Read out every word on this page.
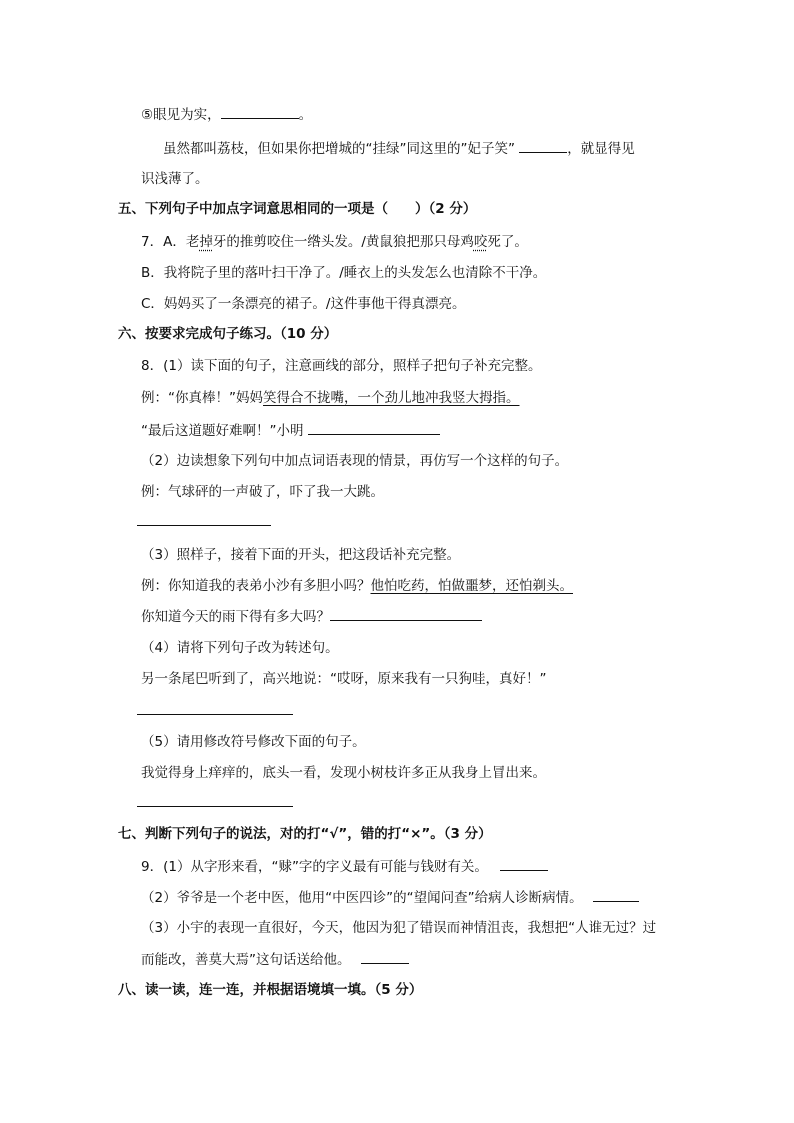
⑤眼见为实，	。
虽然都叫荔枝，但如果你把增城的“挂绿”同这里的”妃子笑”	，就显得见
识浅薄了。
五、下列句子中加点字词意思相同的一项是（　　）（2 分）
7．A．老掉牙的推剪咬住一绺头发。/黄鼠狼把那只母鸡咬死了。
B．我将院子里的落叶扫干净了。/睡衣上的头发怎么也清除不干净。
C．妈妈买了一条漂亮的裙子。/这件事他干得真漂亮。
六、按要求完成句子练习。（10 分）
8．(1）读下面的句子，注意画线的部分，照样子把句子补充完整。
例：“你真棒！”妈妈笑得合不拢嘴，一个劲儿地冲我竖大拇指。
“最后这道题好难啊！”小明
（2）边读想象下列句中加点词语表现的情景，再仿写一个这样的句子。
例：气球砰的一声破了，吓了我一大跳。
（3）照样子，接着下面的开头，把这段话补充完整。
例：你知道我的表弟小沙有多胆小吗？他怕吃药，怕做噩梦，还怕剃头。
你知道今天的雨下得有多大吗？
（4）请将下列句子改为转述句。
另一条尾巴听到了，高兴地说：“哎呀，原来我有一只狗哇，真好！”
（5）请用修改符号修改下面的句子。
我觉得身上痒痒的，底头一看，发现小树枝许多正从我身上冒出来。
七、判断下列句子的说法，对的打“√”，错的打“×”。（3 分）
9．(1）从字形来看，“赇”字的字义最有可能与钱财有关。
（2）爷爷是一个老中医，他用“中医四诊”的“望闻问查”给病人诊断病情。
（3）小宇的表现一直很好，今天，他因为犯了错误而神情沮丧，我想把“人谁无过？过
而能改，善莫大焉”这句话送给他。
八、读一读，连一连，并根据语境填一填。（5 分）
